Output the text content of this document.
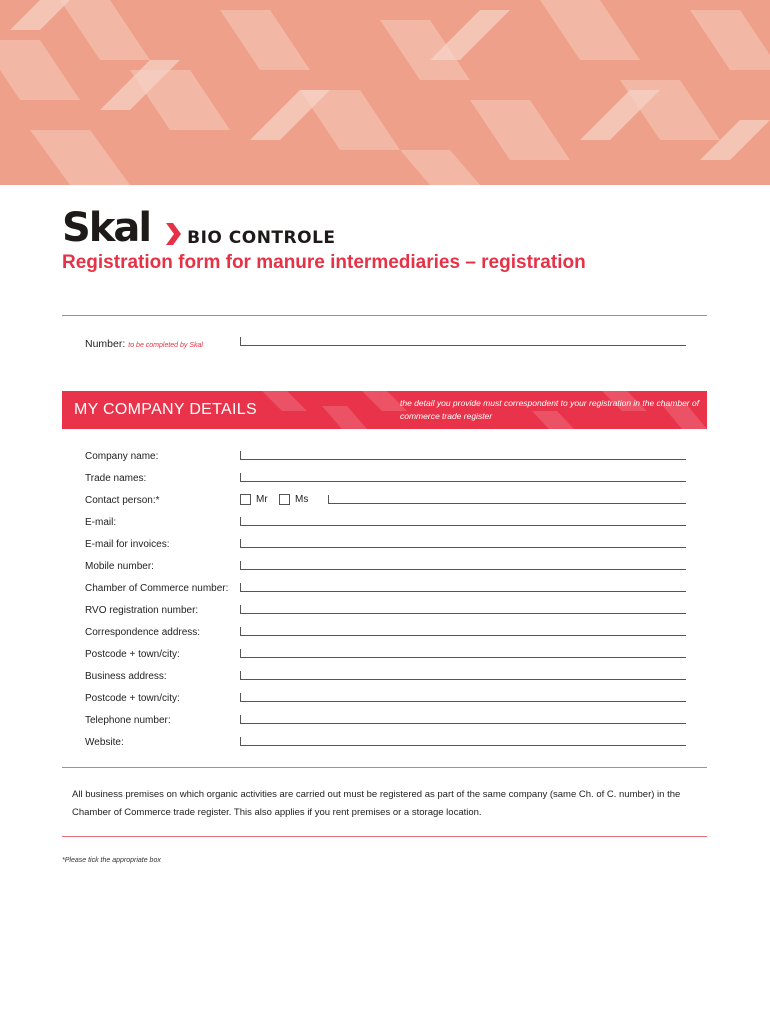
Skal BIO CONTROLE
Registration form for manure intermediaries – registration
Number: to be completed by Skal
MY COMPANY DETAILS	the detail you provide must correspondent to your registration in the chamber of commerce trade register
Company name:
Trade names:
Contact person:*	Mr	Ms
E-mail:
E-mail for invoices:
Mobile number:
Chamber of Commerce number:
RVO registration number:
Correspondence address:
Postcode + town/city:
Business address:
Postcode + town/city:
Telephone number:
Website:
All business premises on which organic activities are carried out must be registered as part of the same company (same Ch. of C. number) in the Chamber of Commerce trade register. This also applies if you rent premises or a storage location.
*Please tick the appropriate box
